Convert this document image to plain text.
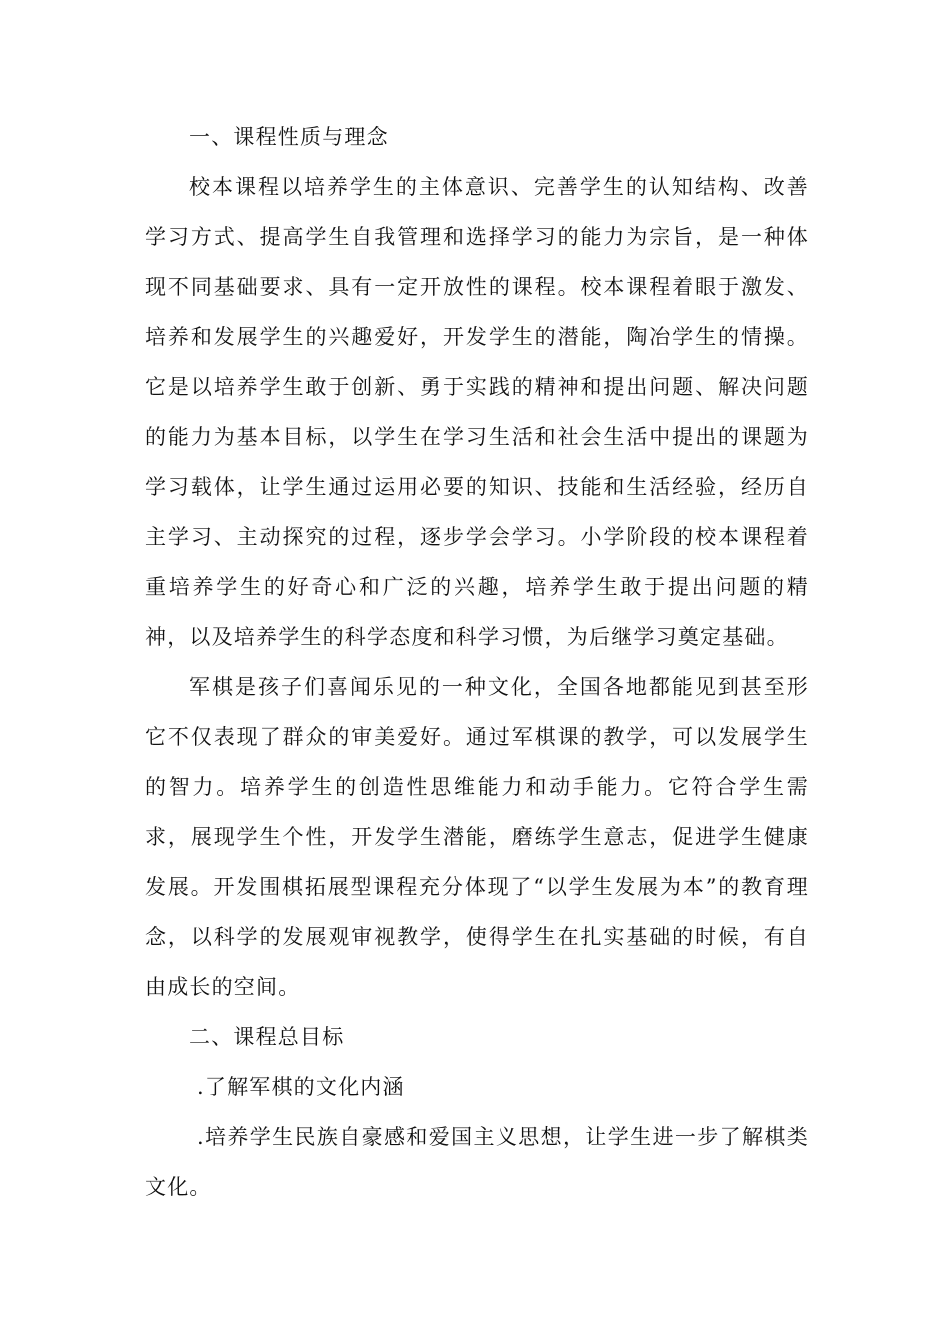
一、课程性质与理念

校本课程以培养学生的主体意识、完善学生的认知结构、改善学习方式、提高学生自我管理和选择学习的能力为宗旨，是一种体现不同基础要求、具有一定开放性的课程。校本课程着眼于激发、培养和发展学生的兴趣爱好，开发学生的潜能，陶冶学生的情操。它是以培养学生敢于创新、勇于实践的精神和提出问题、解决问题的能力为基本目标，以学生在学习生活和社会生活中提出的课题为学习载体，让学生通过运用必要的知识、技能和生活经验，经历自主学习、主动探究的过程，逐步学会学习。小学阶段的校本课程着重培养学生的好奇心和广泛的兴趣，培养学生敢于提出问题的精神，以及培养学生的科学态度和科学习惯，为后继学习奠定基础。

军棋是孩子们喜闻乐见的一种文化，全国各地都能见到甚至形它不仅表现了群众的审美爱好。通过军棋课的教学，可以发展学生的智力。培养学生的创造性思维能力和动手能力。它符合学生需求，展现学生个性，开发学生潜能，磨练学生意志，促进学生健康发展。开发围棋拓展型课程充分体现了“以学生发展为本”的教育理念，以科学的发展观审视教学，使得学生在扎实基础的时候，有自由成长的空间。

二、课程总目标

.了解军棋的文化内涵

.培养学生民族自豪感和爱国主义思想，让学生进一步了解棋类文化。
